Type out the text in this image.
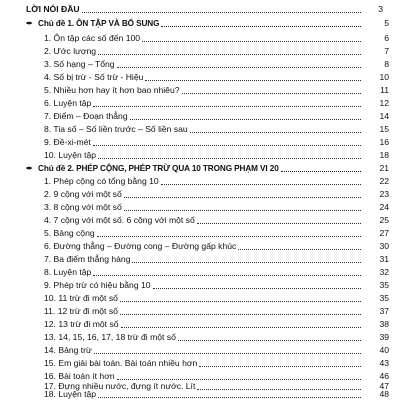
LỜI NÓI ĐẦU	3
✒ Chủ đề 1. ÔN TẬP VÀ BỔ SUNG	5
1. Ôn tập các số đến 100	6
2. Ước lượng	7
3. Số hạng – Tổng	8
4. Số bị trừ - Số trừ - Hiệu	10
5. Nhiều hơn hay ít hơn bao nhiêu?	11
6. Luyện tập	12
7. Điểm – Đoạn thẳng	14
8. Tia số – Số liền trước – Số liền sau	15
9. Đề-xi-mét	16
10. Luyện tập	18
✒ Chủ đề 2. PHÉP CỘNG, PHÉP TRỪ QUA 10 TRONG PHẠM VI 20	21
1. Phép cộng có tổng bằng 10	22
2. 9 cộng với một số	23
3. 8 cộng với một số	24
4. 7 cộng với một số. 6 cộng với một số	25
5. Bảng cộng	27
6. Đường thẳng – Đường cong – Đường gấp khúc	30
7. Ba điểm thẳng hàng	31
8. Luyện tập	32
9. Phép trừ có hiệu bằng 10	35
10. 11 trừ đi một số	35
11. 12 trừ đi một số	37
12. 13 trừ đi một số	38
13. 14, 15, 16, 17, 18 trừ đi một số	39
14. Bảng trừ	40
15. Em giải bài toán. Bài toán nhiều hơn	43
16. Bài toán ít hơn	46
17. Đựng nhiều nước, đựng ít nước. Lít	47
18. Luyện tập	48
